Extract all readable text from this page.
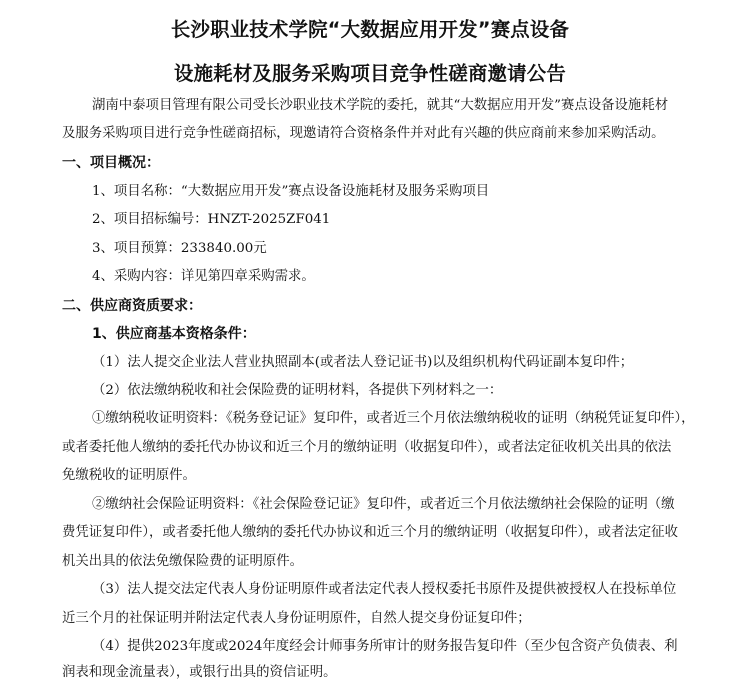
长沙职业技术学院“大数据应用开发”赛点设备
设施耗材及服务采购项目竞争性磋商邀请公告
湖南中泰项目管理有限公司受长沙职业技术学院的委托，就其“大数据应用开发”赛点设备设施耗材
及服务采购项目进行竞争性磋商招标，现邀请符合资格条件并对此有兴趣的供应商前来参加采购活动。
一、项目概况：
1、项目名称：“大数据应用开发”赛点设备设施耗材及服务采购项目
2、项目招标编号：HNZT-2025ZF041
3、项目预算：233840.00元
4、采购内容：详见第四章采购需求。
二、供应商资质要求：
1、供应商基本资格条件：
（1）法人提交企业法人营业执照副本(或者法人登记证书)以及组织机构代码证副本复印件；
（2）依法缴纳税收和社会保险费的证明材料，各提供下列材料之一：
①缴纳税收证明资料：《税务登记证》复印件，或者近三个月依法缴纳税收的证明（纳税凭证复印件），
或者委托他人缴纳的委托代办协议和近三个月的缴纳证明（收据复印件），或者法定征收机关出具的依法
免缴税收的证明原件。
②缴纳社会保险证明资料：《社会保险登记证》复印件，或者近三个月依法缴纳社会保险的证明（缴
费凭证复印件），或者委托他人缴纳的委托代办协议和近三个月的缴纳证明（收据复印件），或者法定征收
机关出具的依法免缴保险费的证明原件。
（3）法人提交法定代表人身份证明原件或者法定代表人授权委托书原件及提供被授权人在投标单位
近三个月的社保证明并附法定代表人身份证明原件，自然人提交身份证复印件；
（4）提供2023年度或2024年度经会计师事务所审计的财务报告复印件（至少包含资产负债表、利
润表和现金流量表），或银行出具的资信证明。
